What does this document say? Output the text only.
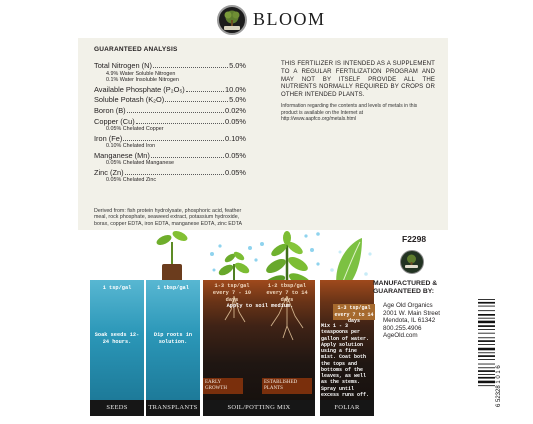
BLOOM
GUARANTEED ANALYSIS
Total Nitrogen (N)	5.0%
4.9% Water Soluble Nitrogen
0.1% Water Insoluble Nitrogen
Available Phosphate (P₂O₅)	10.0%
Soluble Potash (K₂O)	5.0%
Boron (B)	0.02%
Copper (Cu)	0.05%
0.05% Chelated Copper
Iron (Fe)	0.10%
0.10% Chelated Iron
Manganese (Mn)	0.05%
0.05% Chelated Manganese
Zinc (Zn)	0.05%
0.05% Chelated Zinc
Derived from: fish protein hydrolysate, phosphoric acid, feather meal, rock phosphate, seaweed extract, potassium hydroxide, borax, copper EDTA, iron EDTA, manganese EDTA, zinc EDTA
THIS FERTILIZER IS INTENDED AS A SUPPLEMENT TO A REGULAR FERTILIZATION PROGRAM AND MAY NOT BY ITSELF PROVIDE ALL THE NUTRIENTS NORMALLY REQUIRED BY CROPS OR OTHER INTENDED PLANTS.
Information regarding the contents and levels of metals in this product is available on the Internet at http://www.aapfco.org/metals.html
1 tsp/gal
Soak seeds 12-24 hours.
1 tbsp/gal
Dip roots in solution.
1-3 tsp/gal
every 7 - 10 days
1-2 tbsp/gal
every 7 to 14 days
Apply to soil medium.
EARLY GROWTH
ESTABLISHED PLANTS
1-3 tsp/gal
every 7 to 14 days
Mix 1 - 3 teaspoons per gallon of water. Apply solution using a fine mist. Coat both the tops and bottoms of the leaves, as well as the stems. Spray until excess runs off.
SEEDS	TRANSPLANTS	SOIL/POTTING MIX	FOLIAR
F2298
MANUFACTURED & GUARANTEED BY:
Age Old Organics
2001 W. Main Street
Mendota, IL 61342
800.255.4906
AgeOld.com
6 52328 1 0 1 6
